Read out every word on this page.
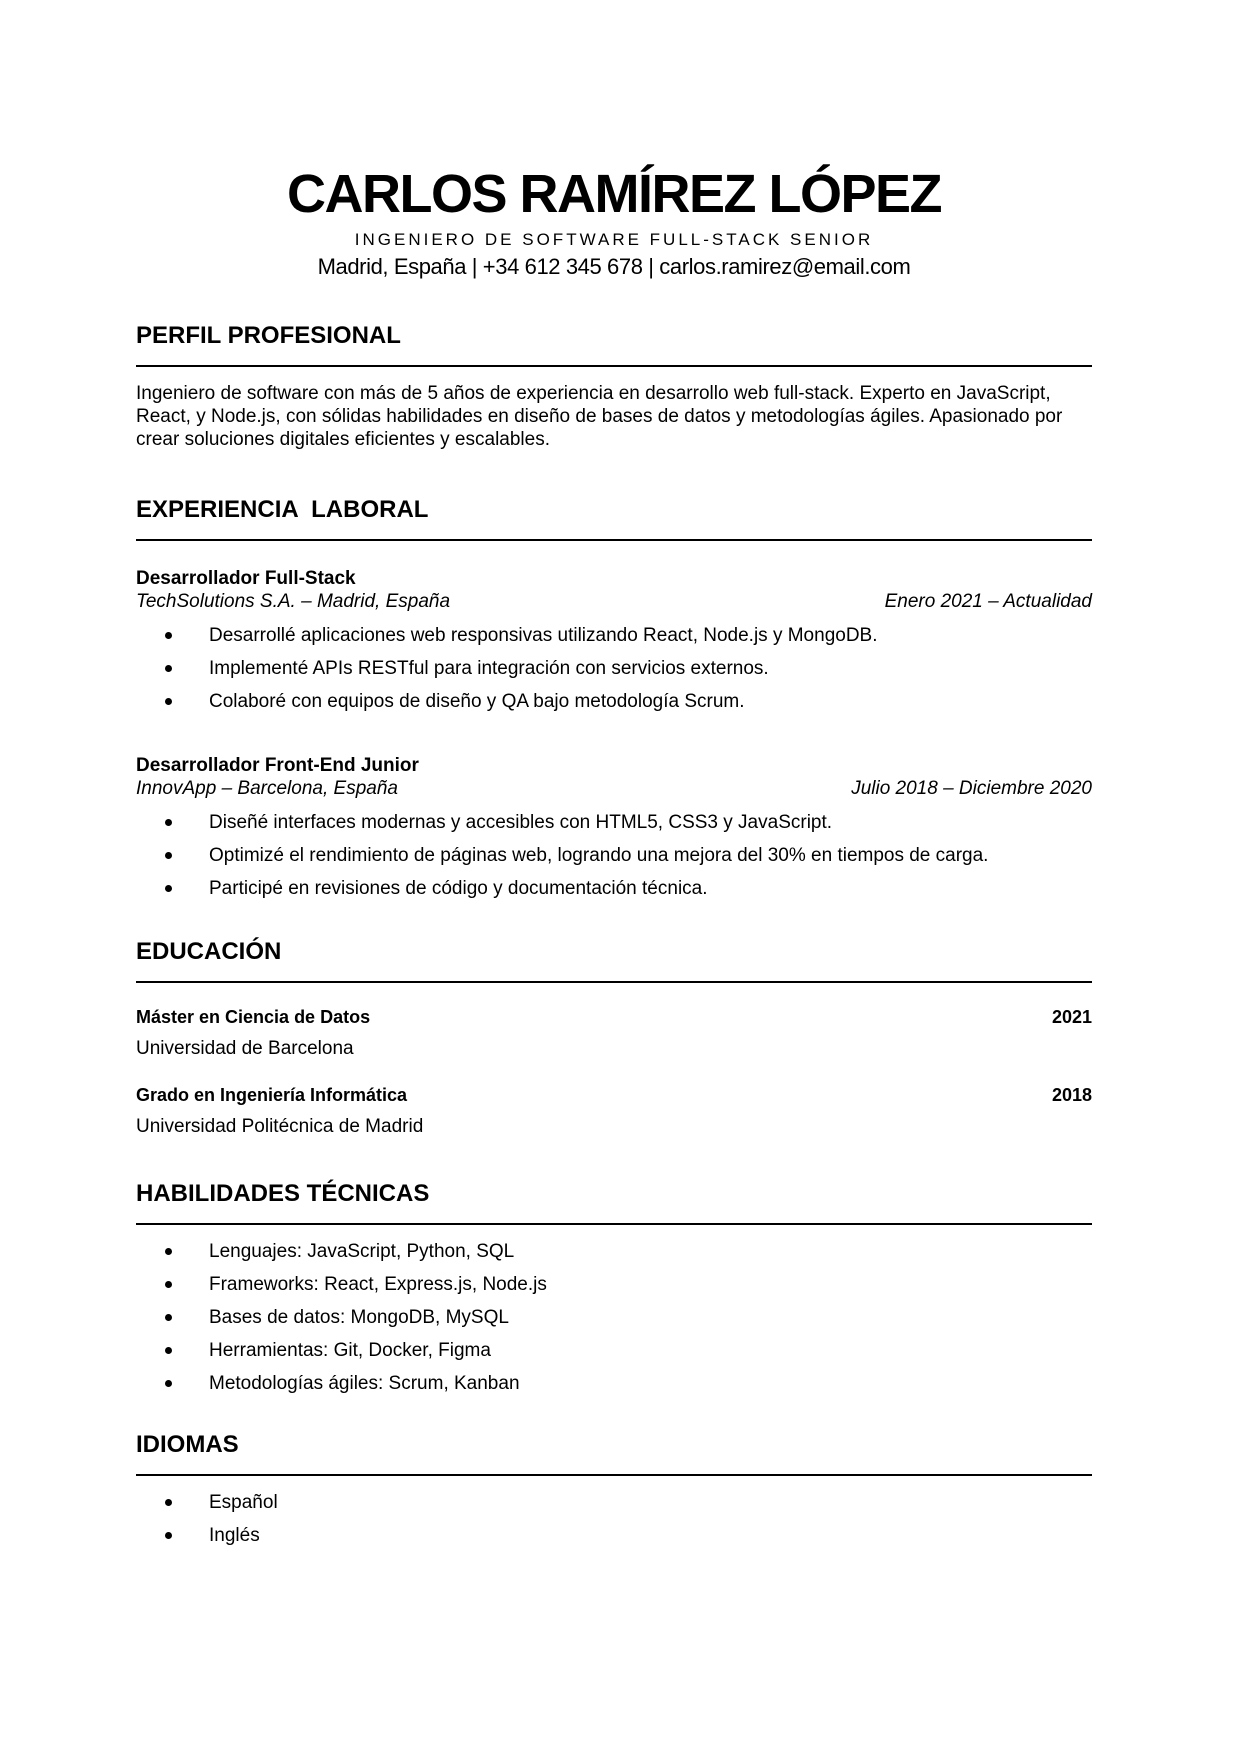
CARLOS RAMÍREZ LÓPEZ
INGENIERO DE SOFTWARE FULL-STACK SENIOR
Madrid, España | +34 612 345 678 | carlos.ramirez@email.com
PERFIL PROFESIONAL
Ingeniero de software con más de 5 años de experiencia en desarrollo web full-stack. Experto en JavaScript, React, y Node.js, con sólidas habilidades en diseño de bases de datos y metodologías ágiles. Apasionado por crear soluciones digitales eficientes y escalables.
EXPERIENCIA  LABORAL
Desarrollador Full-Stack
TechSolutions S.A. – Madrid, España	Enero 2021 – Actualidad
Desarrollé aplicaciones web responsivas utilizando React, Node.js y MongoDB.
Implementé APIs RESTful para integración con servicios externos.
Colaboré con equipos de diseño y QA bajo metodología Scrum.
Desarrollador Front-End Junior
InnovApp – Barcelona, España	Julio 2018 – Diciembre 2020
Diseñé interfaces modernas y accesibles con HTML5, CSS3 y JavaScript.
Optimizé el rendimiento de páginas web, logrando una mejora del 30% en tiempos de carga.
Participé en revisiones de código y documentación técnica.
EDUCACIÓN
Máster en Ciencia de Datos	2021
Universidad de Barcelona
Grado en Ingeniería Informática	2018
Universidad Politécnica de Madrid
HABILIDADES TÉCNICAS
Lenguajes: JavaScript, Python, SQL
Frameworks: React, Express.js, Node.js
Bases de datos: MongoDB, MySQL
Herramientas: Git, Docker, Figma
Metodologías ágiles: Scrum, Kanban
IDIOMAS
Español
Inglés
